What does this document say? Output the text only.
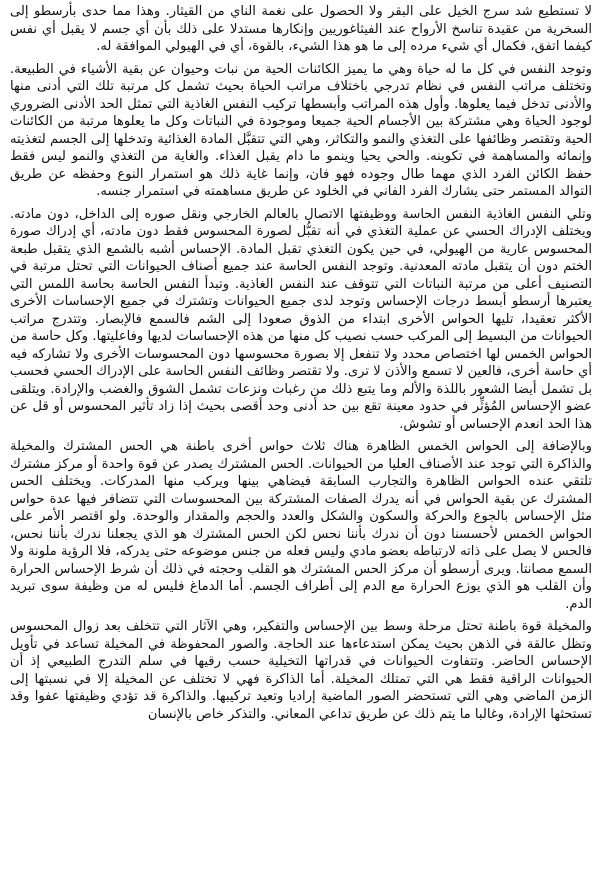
لا تستطيع شد سرج الخيل على البقر ولا الحصول على نغمة الناي من القيثار. وهذا مما حدى بأرسطو إلى السخرية من عقيدة تناسخ الأرواح عند الفيثاغوريين وإنكارها مستدلا على ذلك بأن أي جسم لا يقبل أي نفس كيفما اتفق، فكمال أي شيء مرده إلى ما هو هذا الشيء، بالقوة، أي في الهيولي الموافقة له.

وتوجد النفس في كل ما له حياة وهي ما يميز الكائنات الحية من نبات وحيوان عن بقية الأشياء في الطبيعة. وتختلف مراتب النفس في نظام تدرجي باختلاف مراتب الحياة بحيث تشمل كل مرتبة تلك التي أدنى منها والأدنى تدخل فيما يعلوها. وأول هذه المراتب وأبسطها تركيب النفس الغاذية التي تمثل الحد الأدنى الضروري لوجود الحياة وهي مشتركة بين الأجسام الحية جميعا وموجودة في النباتات وكل ما يعلوها مرتبة من الكائنات الحية وتقتصر وظائفها على التغذي والنمو والتكاثر، وهي التي تتقبَّل المادة الغذائية وتدخلها إلى الجسم لتغذيته وإنمائه والمساهمة في تكوينه. والحي يحيا وينمو ما دام يقبل الغذاء. والغاية من التغذي والنمو ليس فقط حفظ الكائن الفرد الذي مهما طال وجوده فهو فان، وإنما غاية ذلك هو استمرار النوع وحفظه عن طريق التوالد المستمر حتى يشارك الفرد الفاني في الخلود عن طريق مساهمته في استمرار جنسه.

وتلي النفس الغاذية النفس الحاسة ووظيفتها الاتصال بالعالم الخارجي ونقل صوره إلى الداخل، دون مادته. ويختلف الإدراك الحسي عن عملية التغذي في أنه تقبُّل لصورة المحسوس فقط دون مادته، أي إدراك صورة المحسوس عارية من الهيولي، في حين يكون التغذي تقبل المادة. الإحساس أشبه بالشمع الذي يتقبل طبعة الختم دون أن يتقبل مادته المعدنية. وتوجد النفس الحاسة عند جميع أصناف الحيوانات التي تحتل مرتبة في التصنيف أعلى من مرتبة النباتات التي تتوقف عند النفس الغاذية. وتبدأ النفس الحاسة بحاسة اللمس التي يعتبرها أرسطو أبسط درجات الإحساس وتوجد لدى جميع الحيوانات وتشترك في جميع الإحساسات الأخرى الأكثر تعقيدا، تليها الحواس الأخرى ابتداء من الذوق صعودا إلى الشم فالسمع فالإبصار. وتتدرج مراتب الحيوانات من البسيط إلى المركب حسب نصيب كل منها من هذه الإحساسات لديها وفاعليتها. وكل حاسة من الحواس الخمس لها اختصاص محدد ولا تنفعل إلا بصورة محسوسها دون المحسوسات الأخرى ولا تشاركه فيه أي حاسة أخرى، فالعين لا تسمع والأذن لا ترى. ولا تقتصر وظائف النفس الحاسة على الإدراك الحسي فحسب بل تشمل أيضا الشعور باللذة والألم وما يتبع ذلك من رغبات ونزعات تشمل الشوق والغضب والإرادة. ويتلقى عضو الإحساس المُؤثِّر في حدود معينة تقع بين حد أدنى وحد أقصى بحيث إذا زاد تأثير المحسوس أو قل عن هذا الحد انعدم الإحساس أو تشوش.

وبالإضافة إلى الحواس الخمس الظاهرة هناك ثلاث حواس أخرى باطنة هي الحس المشترك والمخيلة والذاكرة التي توجد عند الأصناف العليا من الحيوانات. الحس المشترك يصدر عن قوة واحدة أو مركز مشترك تلتقي عنده الحواس الظاهرة والتجارب السابقة فيضاهي بينها ويركب منها المدركات. ويختلف الحس المشترك عن بقية الحواس في أنه يدرك الصفات المشتركة بين المحسوسات التي تتضافر فيها عدة حواس مثل الإحساس بالجوع والحركة والسكون والشكل والعدد والحجم والمقدار والوحدة. ولو اقتصر الأمر على الحواس الخمس لأحسسنا دون أن ندرك بأننا نحس لكن الحس المشترك هو الذي يجعلنا ندرك بأننا نحس، فالحس لا يصل على ذاته لارتباطه بعضو مادي وليس فعله من جنس موضوعه حتى يدركه، فلا الرؤية ملونة ولا السمع مصانتا. ويرى أرسطو أن مركز الحس المشترك هو القلب وحجته في ذلك أن شرط الإحساس الحرارة وأن القلب هو الذي يوزع الحرارة مع الدم إلى أطراف الجسم. أما الدماغ فليس له من وظيفة سوى تبريد الدم.

والمخيلة قوة باطنة تحتل مرحلة وسط بين الإحساس والتفكير، وهي الآثار التي تتخلف بعد زوال المحسوس وتظل عالقة في الذهن بحيث يمكن استدعاءها عند الحاجة. والصور المحفوظة في المخيلة تساعد في تأويل الإحساس الحاضر. وتتفاوت الحيوانات في قدراتها التخيلية حسب رقيها في سلم التدرج الطبيعي إذ أن الحيوانات الراقية فقط هي التي تمتلك المخيلة. أما الذاكرة فهي لا تختلف عن المخيلة إلا في نسبتها إلى الزمن الماضي وهي التي تستحضر الصور الماضية إراديا وتعيد تركيبها. والذاكرة قد تؤدي وظيفتها عفوا وقد تستحثها الإرادة، وغالبا ما يتم ذلك عن طريق تداعي المعاني. والتذكر خاص بالإنسان
